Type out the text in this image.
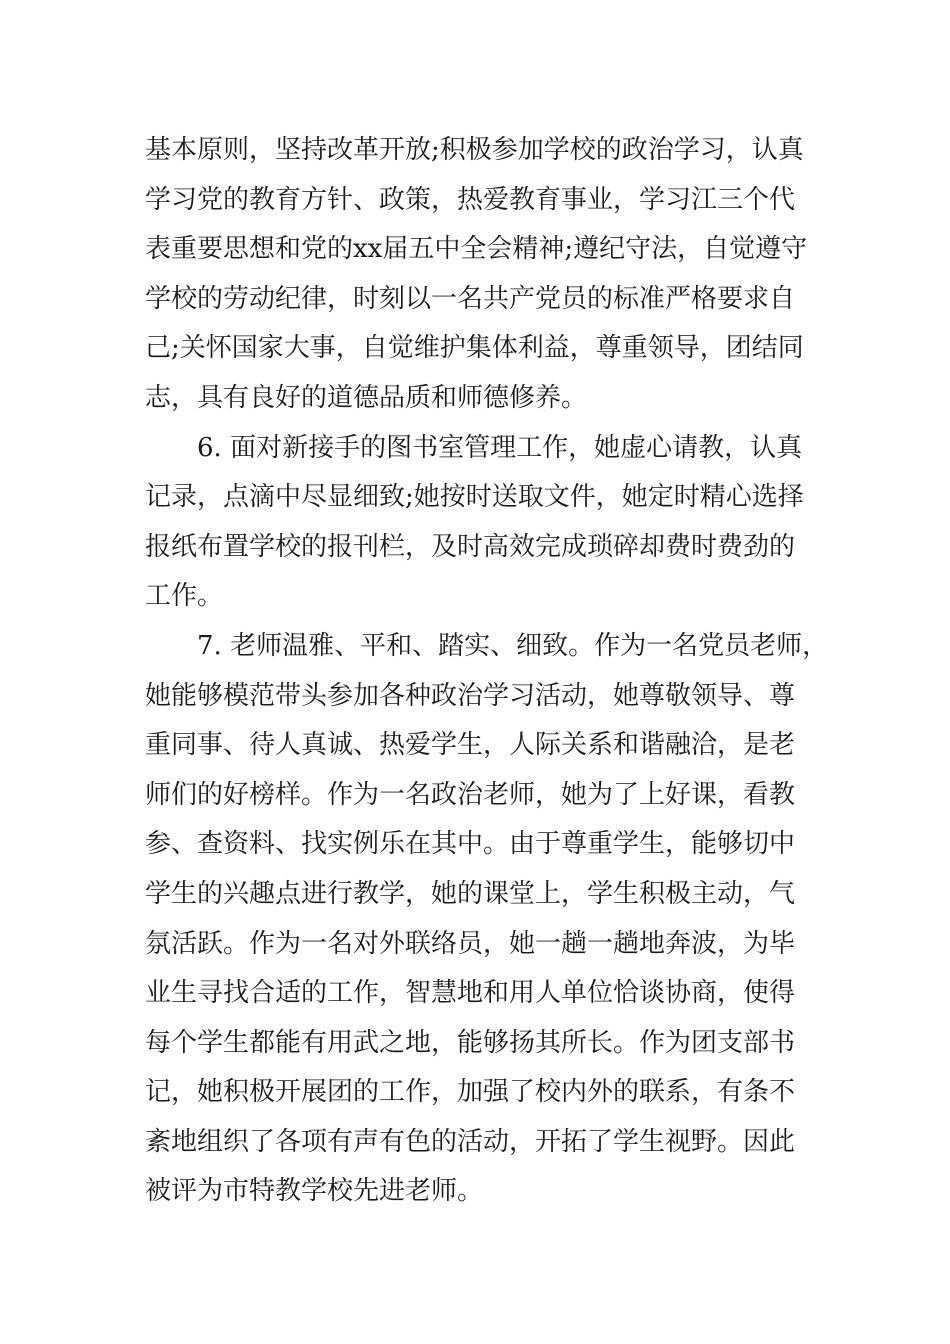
基本原则，坚持改革开放;积极参加学校的政治学习，认真
学习党的教育方针、政策，热爱教育事业，学习江三个代
表重要思想和党的xx届五中全会精神;遵纪守法，自觉遵守
学校的劳动纪律，时刻以一名共产党员的标准严格要求自
己;关怀国家大事，自觉维护集体利益，尊重领导，团结同
志，具有良好的道德品质和师德修养。
6. 面对新接手的图书室管理工作，她虚心请教，认真
记录，点滴中尽显细致;她按时送取文件，她定时精心选择
报纸布置学校的报刊栏，及时高效完成琐碎却费时费劲的
工作。
7. 老师温雅、平和、踏实、细致。作为一名党员老师，
她能够模范带头参加各种政治学习活动，她尊敬领导、尊
重同事、待人真诚、热爱学生，人际关系和谐融洽，是老
师们的好榜样。作为一名政治老师，她为了上好课，看教
参、查资料、找实例乐在其中。由于尊重学生，能够切中
学生的兴趣点进行教学，她的课堂上，学生积极主动，气
氛活跃。作为一名对外联络员，她一趟一趟地奔波，为毕
业生寻找合适的工作，智慧地和用人单位恰谈协商，使得
每个学生都能有用武之地，能够扬其所长。作为团支部书
记，她积极开展团的工作，加强了校内外的联系，有条不
紊地组织了各项有声有色的活动，开拓了学生视野。因此
被评为市特教学校先进老师。
